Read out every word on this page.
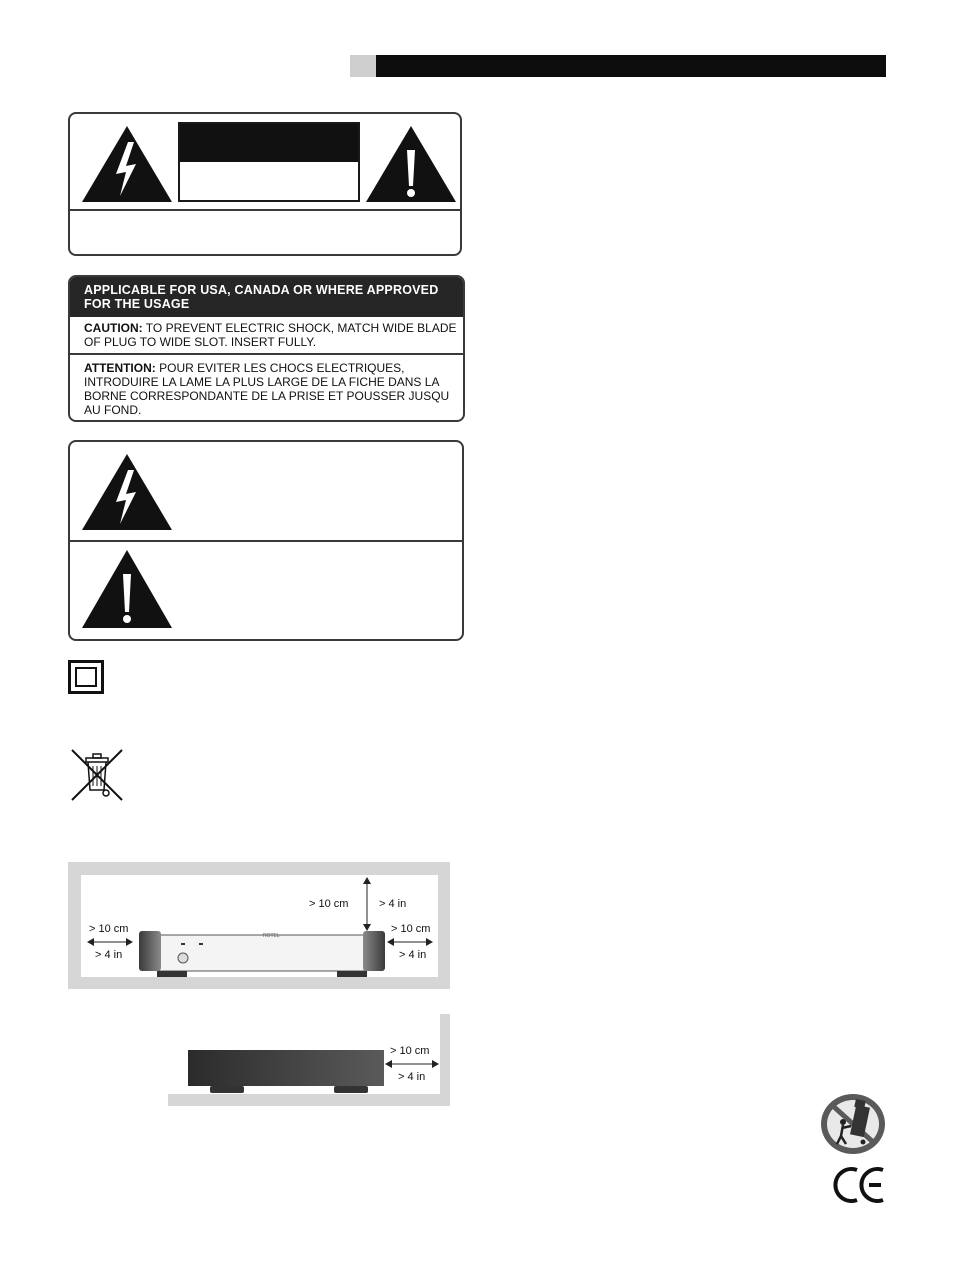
APPLICABLE FOR USA, CANADA OR WHERE APPROVED FOR THE USAGE
CAUTION: TO PREVENT ELECTRIC SHOCK, MATCH WIDE BLADE OF PLUG TO WIDE SLOT. INSERT FULLY.
ATTENTION: POUR EVITER LES CHOCS ELECTRIQUES, INTRODUIRE LA LAME LA PLUS LARGE DE LA FICHE DANS LA BORNE CORRESPONDANTE DE LA PRISE ET POUSSER JUSQU AU FOND.
> 10 cm	> 4 in
> 10 cm
> 4 in
ROTEL
> 10 cm
> 4 in
> 10 cm
> 4 in
